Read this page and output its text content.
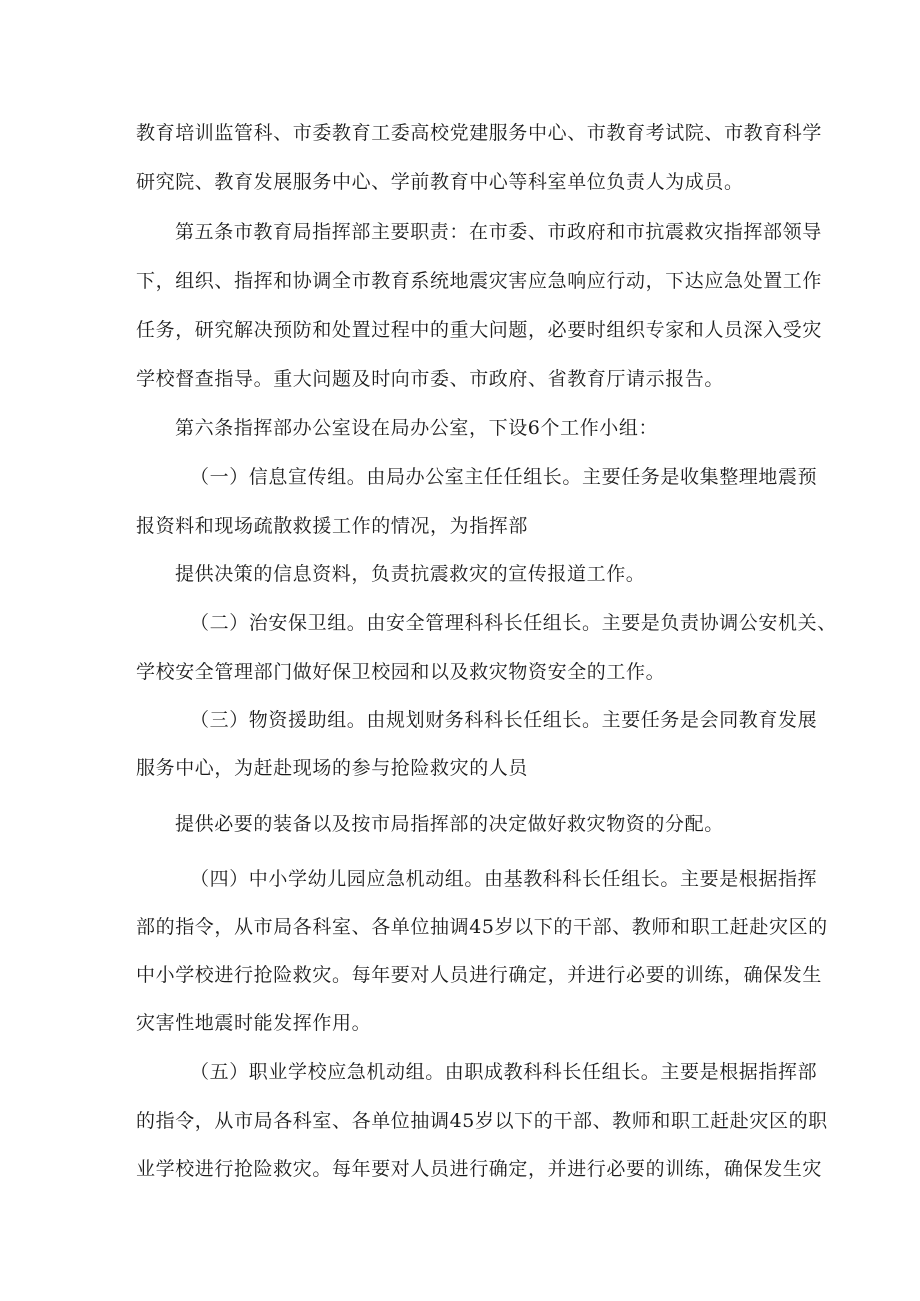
教育培训监管科、市委教育工委高校党建服务中心、市教育考试院、市教育科学
研究院、教育发展服务中心、学前教育中心等科室单位负责人为成员。
第五条市教育局指挥部主要职责：在市委、市政府和市抗震救灾指挥部领导
下，组织、指挥和协调全市教育系统地震灾害应急响应行动，下达应急处置工作
任务，研究解决预防和处置过程中的重大问题，必要时组织专家和人员深入受灾
学校督查指导。重大问题及时向市委、市政府、省教育厅请示报告。
第六条指挥部办公室设在局办公室，下设6个工作小组：
（一）信息宣传组。由局办公室主任任组长。主要任务是收集整理地震预
报资料和现场疏散救援工作的情况，为指挥部
提供决策的信息资料，负责抗震救灾的宣传报道工作。
（二）治安保卫组。由安全管理科科长任组长。主要是负责协调公安机关、
学校安全管理部门做好保卫校园和以及救灾物资安全的工作。
（三）物资援助组。由规划财务科科长任组长。主要任务是会同教育发展
服务中心，为赶赴现场的参与抢险救灾的人员
提供必要的装备以及按市局指挥部的决定做好救灾物资的分配。
（四）中小学幼儿园应急机动组。由基教科科长任组长。主要是根据指挥
部的指令，从市局各科室、各单位抽调45岁以下的干部、教师和职工赶赴灾区的
中小学校进行抢险救灾。每年要对人员进行确定，并进行必要的训练，确保发生
灾害性地震时能发挥作用。
（五）职业学校应急机动组。由职成教科科长任组长。主要是根据指挥部
的指令，从市局各科室、各单位抽调45岁以下的干部、教师和职工赶赴灾区的职
业学校进行抢险救灾。每年要对人员进行确定，并进行必要的训练，确保发生灾
